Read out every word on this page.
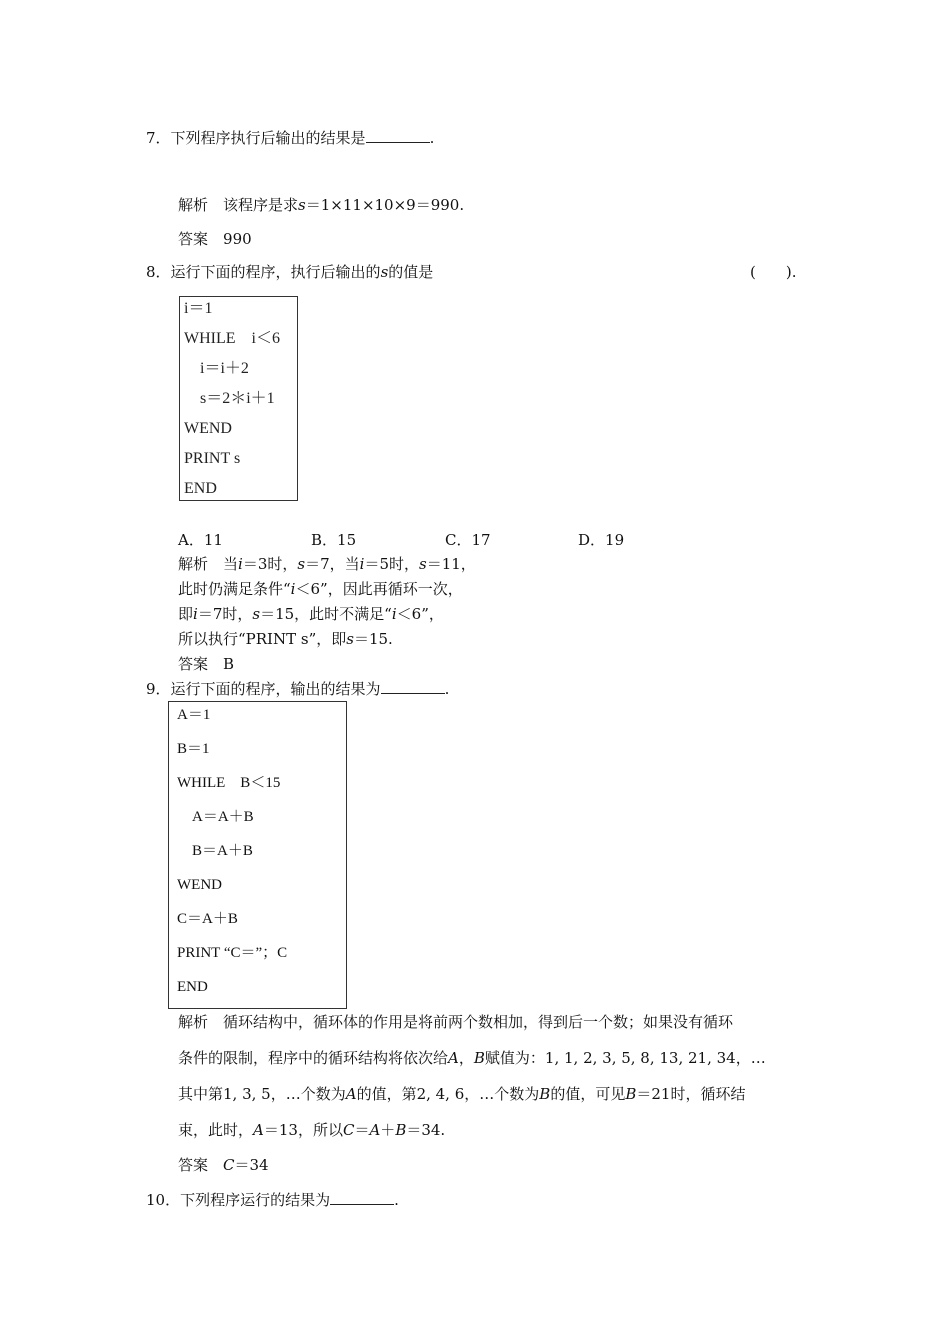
7．下列程序执行后输出的结果是	.
解析　 该程序是求s＝1×11×10×9＝990.
答案　 990
8．运行下面的程序，执行后输出的s的值是	(　　).
i＝1
WHILE　i＜6
　i＝i＋2
　s＝2＊i＋1
WEND
PRINT s
END
A．11	B．15	C．17	D．19
解析　 当i＝3时，s＝7，当i＝5时，s＝11，
此时仍满足条件“i＜6”，因此再循环一次，
即i＝7时，s＝15，此时不满足“i＜6”，
所以执行“PRINT s”，即s＝15.
答案　 B
9．运行下面的程序，输出的结果为	.
A＝1
B＝1
WHILE　B＜15
　A＝A＋B
　B＝A＋B
WEND
C＝A＋B
PRINT “C＝”；C
END
解析　 循环结构中，循环体的作用是将前两个数相加，得到后一个数；如果没有循环
条件的限制，程序中的循环结构将依次给A，B赋值为：1, 1, 2, 3, 5, 8, 13, 21, 34，…
其中第1, 3, 5，…个数为A的值，第2, 4, 6，…个数为B的值，可见B＝21时，循环结
束，此时，A＝13，所以C＝A＋B＝34.
答案　 C＝34
10．下列程序运行的结果为	.
